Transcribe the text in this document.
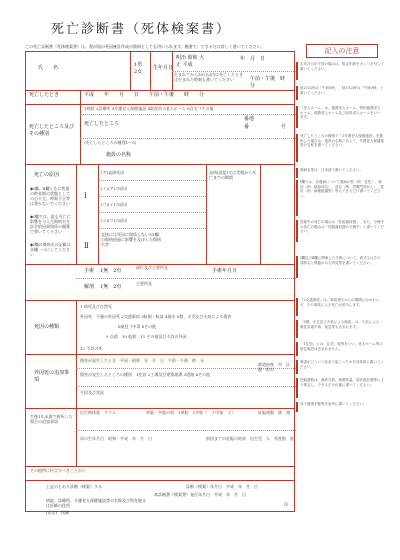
死亡診断書（死体検案書）
この死亡診断書（死体検案書）は、我が国の死因統計作成の資料としても用いられます。楷書で、できるだけ詳しく書いてください。
氏　　名	1男 2女
生年月日
明治 昭和 大正 平成
年　月　日
生まれてから30日以内に死亡したときは生まれた時刻も書いてください	午前・午後　時　分
死亡したとき	平成　　年　　月　　日　　午前・午後　　時　　分
死亡したところ及びその種別
1病院 2診療所 3介護老人保健施設 4助産所 5老人ホーム 6自宅 7その他
死亡したところ
番地
番	号
(死亡したところの種別1～5)
施設の名称
死亡の原因
◆Ⅰ欄、Ⅱ欄ともに疾患の終末期の状態としての心不全、呼吸不全等は書かないでください
◆Ⅰ欄では、最も死亡に影響を与えた傷病名を医学的因果関係の順番で書いてください
◆Ⅰ欄の傷病名の記載は各欄一つにしてください
Ⅰ
Ⅱ
(ア)直接死因
(イ)(ア)の原因
(ウ)(イ)の原因
(エ)(ウ)の原因
直接には死因に関係しないがⅠ欄の傷病経過に影響を及ぼした傷病名等
発病(発症)又は受傷から死亡までの期間
手術 1無　2有
部位及び主要所見
手術年月日
解剖 1無　2有
主要所見
死因の種類
1 病死及び自然死
外因死　不慮の外因死 2交通事故 3転倒・転落 4溺水 5煙、火災及び火焰による傷害
6窒息 7中毒 8その他
9 自殺　10 他殺　11 その他及び不詳の外因
12 不詳の死
外因死の追加事項
傷害が発生したとき　平成・昭和　年　月　日　午前・午後　時　分
傷害が発生したところの種別　1住居 2工場及び建築現場 3道路 4その他
都道府県　市　区　郡　町村
手段及び状況
生後1年未満で病死した場合の追加事項
出生時体重　グラム	単胎・多胎の別　1単胎　2多胎（　子中第　子）	妊娠週数　満　週
母の生年月日　昭和・平成　年　月　日	前回までの妊娠の結果　出生児　人　死産胎　胎
その他特に付言すべきことがら
上記のとおり診断（検案）する	診断（検案）年月日　平成　年　月　日
本診断書（検案書）発行年月日　平成　年　月　日
病院、診療所、介護老人保健施設等の名称及び所在地又は医師の住所
(氏名)　医師
印
記入の注意
生年月日が不詳の場合は、推定年齢をカッコを付して書いてください。
夜の12時は「午前0時」、昼の12時は「午後0時」と書いてください。
「老人ホーム」は、養護老人ホーム、特別養護老人ホーム、軽費老人ホーム及び有料老人ホームをいいます。
死亡したところの種別で「3介護老人保健施設」を選択した場合は、施設の名称に代えて、介護老人保健施設の名称を書いてください。
傷病名等は、日本語で書いてください。
Ⅰ欄では、各傷病について発病の型（例：急性）、病因（例：病原体名）、部位（例：胃噴門部がん）、性状（例：病理組織型）等もできるだけ書いてください。
妊娠中の死亡の場合は「妊娠満何週」、また、分娩中の死亡の場合は「妊娠満何週の分娩中」と書いてください。
Ⅰ欄及びⅡ欄に関係した手術について、術式又はその診断名と関連のある所見等を書いてください。
「2交通事故」は、事故発生からの期間にかかわらず、その事故による死亡が該当します。
「5煙、火災及び火焰による傷害」は、火災による一酸化炭素中毒、窒息等も含まれます。
「1住居」とは、住宅、庭等をいい、老人ホーム等の居住施設は含まれません。
傷害がどういう状況で起こったかを具体的に書いてください。
妊娠週数は、最終月経、基礎体温、超音波計測等により推定し、できるだけ正確に書いてください。
母子健康手帳等を参考に書いてください。
